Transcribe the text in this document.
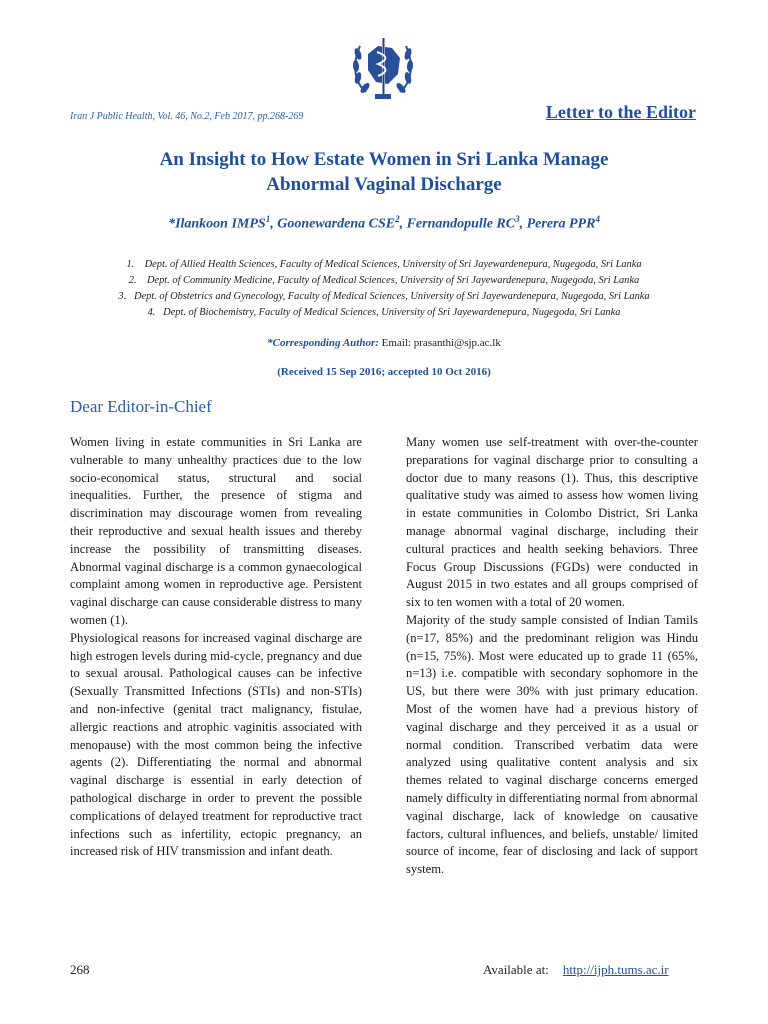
Iran J Public Health, Vol. 46, No.2, Feb 2017, pp.268-269	Letter to the Editor
An Insight to How Estate Women in Sri Lanka Manage
Abnormal Vaginal Discharge
*Ilankoon IMPS$^1$, Goonewardena CSE$^2$, Fernandopulle $RC^3$, Perera PPR$^4$
1.    Dept. of Allied Health Sciences, Faculty of Medical Sciences, University of Sri Jayewardenepura, Nugegoda, Sri Lanka
2.    Dept. of Community Medicine, Faculty of Medical Sciences, University of Sri Jayewardenepura, Nugegoda, Sri Lanka
3.   Dept. of Obstetrics and Gynecology, Faculty of Medical Sciences, University of Sri Jayewardenepura, Nugegoda, Sri Lanka
4.   Dept. of Biochemistry, Faculty of Medical Sciences, University of Sri Jayewardenepura, Nugegoda, Sri Lanka
*Corresponding Author: Email: prasanthi@sjp.ac.lk
(Received 15 Sep 2016; accepted 10 Oct 2016)
Dear Editor-in-Chief

Women living in estate communities in Sri Lanka are vulnerable to many unhealthy practices due to the low socio-economical status, structural and social inequalities. Further, the presence of stigma and discrimination may discourage women from revealing their reproductive and sexual health issues and thereby increase the possibility of transmitting diseases. Abnormal vaginal discharge is a common gynaecological complaint among women in reproductive age. Persistent vaginal discharge can cause considerable distress to many women (1).

Physiological reasons for increased vaginal discharge are high estrogen levels during mid-cycle, pregnancy and due to sexual arousal. Pathological causes can be infective (Sexually Transmitted Infections (STIs) and non-STIs) and non-infective (genital tract malignancy, fistulae, allergic reactions and atrophic vaginitis associated with menopause) with the most common being the infective agents (2). Differentiating the normal and abnormal vaginal discharge is essential in early detection of pathological discharge in order to prevent the possible complications of delayed treatment for reproductive tract infections such as infertility, ectopic pregnancy, an increased risk of HIV transmission and infant death.

Many women use self-treatment with over-the-counter preparations for vaginal discharge prior to consulting a doctor due to many reasons (1). Thus, this descriptive qualitative study was aimed to assess how women living in estate communities in Colombo District, Sri Lanka manage abnormal vaginal discharge, including their cultural practices and health seeking behaviors. Three Focus Group Discussions (FGDs) were conducted in August 2015 in two estates and all groups comprised of six to ten women with a total of 20 women.

Majority of the study sample consisted of Indian Tamils (n=17, 85%) and the predominant religion was Hindu (n=15, 75%). Most were educated up to grade 11 (65%, n=13) i.e. compatible with secondary sophomore in the US, but there were 30% with just primary education. Most of the women have had a previous history of vaginal discharge and they perceived it as a usual or normal condition. Transcribed verbatim data were analyzed using qualitative content analysis and six themes related to vaginal discharge concerns emerged namely difficulty in differentiating normal from abnormal vaginal discharge, lack of knowledge on causative factors, cultural influences, and beliefs, unstable/ limited source of income, fear of disclosing and lack of support system.

268	Available at: http://ijph.tums.ac.ir
